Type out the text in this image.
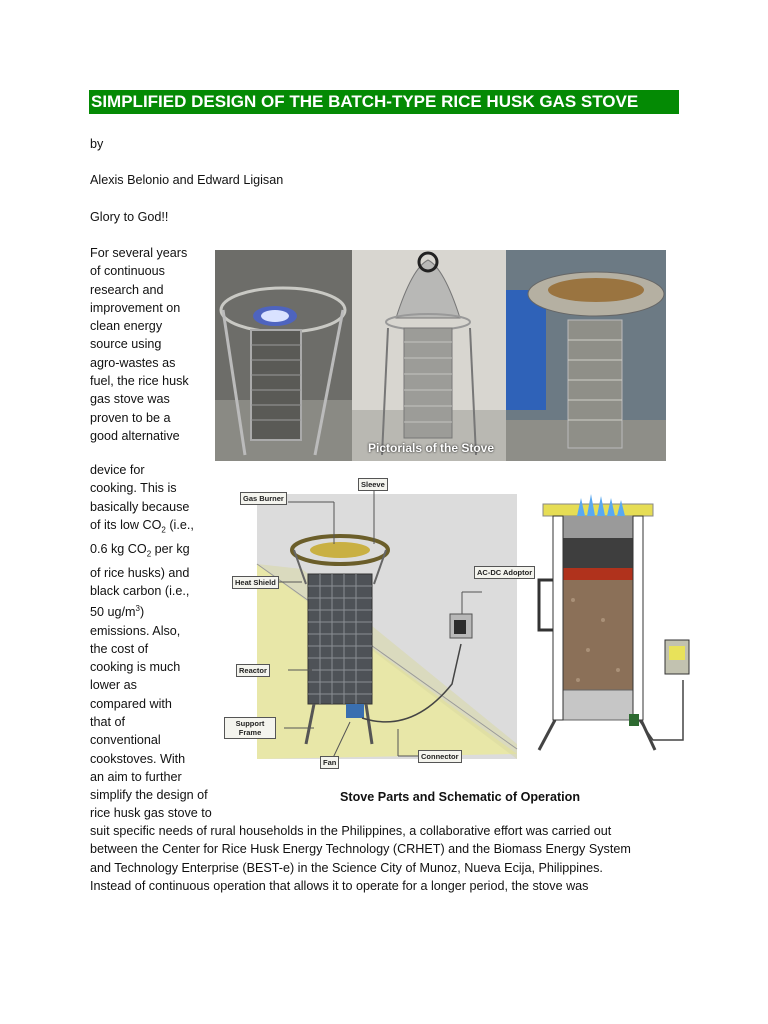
SIMPLIFIED DESIGN OF THE BATCH-TYPE RICE HUSK GAS STOVE
by
Alexis Belonio and Edward Ligisan
Glory to God!!
For several years
of continuous
research and
improvement on
clean energy
source using
agro-wastes as
fuel, the rice husk
gas stove was
proven to be a
good alternative
device for
cooking. This is
basically because
of its low $CO_2$ (i.e.,
0.6 kg $CO_2$ per kg
of rice husks) and
black carbon (i.e.,
50 $ug/m^3$)
emissions. Also,
the cost of
cooking is much
lower as
compared with
that of
conventional
cookstoves. With
an aim to further
simplify the design of
rice husk gas stove to
suit specific needs of rural households in the Philippines, a collaborative effort was carried out
between the Center for Rice Husk Energy Technology (CRHET) and the Biomass Energy System
and Technology Enterprise (BEST-e) in the Science City of Munoz, Nueva Ecija, Philippines.
Instead of continuous operation that allows it to operate for a longer period, the stove was
Pictorials of the Stove
Gas Burner
Sleeve
Heat Shield
AC-DC Adoptor
Reactor
Support Frame
Fan
Connector
Stove Parts and Schematic of Operation
